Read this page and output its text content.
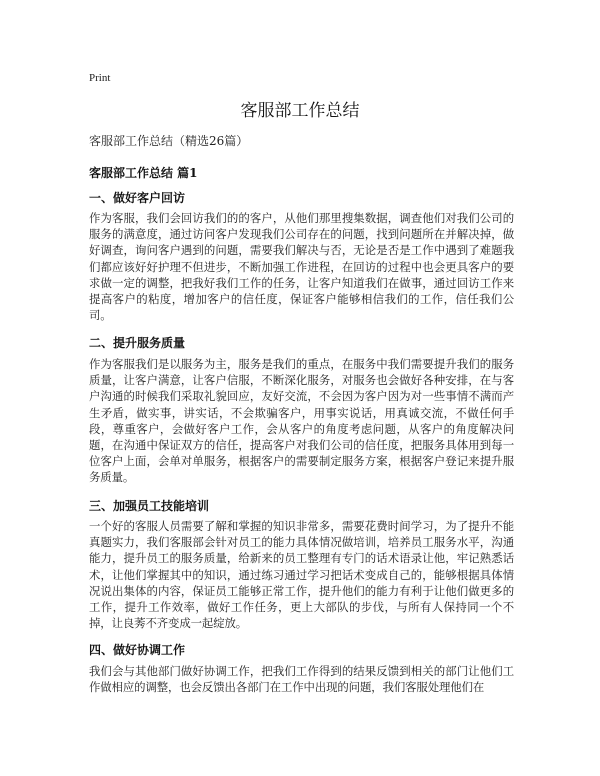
Print
客服部工作总结

客服部工作总结（精选26篇）

客服部工作总结 篇1

一、做好客户回访

作为客服，我们会回访我们的的客户，从他们那里搜集数据，调查他们对我们公司的服务的满意度，通过访问客户发现我们公司存在的问题，找到问题所在并解决掉，做好调查，询问客户遇到的问题，需要我们解决与否，无论是否是工作中遇到了难题我们都应该好好护理不但进步，不断加强工作进程，在回访的过程中也会更具客户的要求做一定的调整，把我好我们工作的任务，让客户知道我们在做事，通过回访工作来提高客户的粘度，增加客户的信任度，保证客户能够相信我们的工作，信任我们公司。

二、提升服务质量

作为客服我们是以服务为主，服务是我们的重点，在服务中我们需要提升我们的服务质量，让客户满意，让客户信服，不断深化服务，对服务也会做好各种安排，在与客户沟通的时候我们采取礼貌回应，友好交流，不会因为客户因为对一些事情不满而产生矛盾，做实事，讲实话，不会欺骗客户，用事实说话，用真诚交流，不做任何手段，尊重客户，会做好客户工作，会从客户的角度考虑问题，从客户的角度解决问题，在沟通中保证双方的信任，提高客户对我们公司的信任度，把服务具体用到每一位客户上面，会单对单服务，根据客户的需要制定服务方案，根据客户登记来提升服务质量。

三、加强员工技能培训

一个好的客服人员需要了解和掌握的知识非常多，需要花费时间学习，为了提升不能真题实力，我们客服部会针对员工的能力具体情况做培训，培养员工服务水平，沟通能力，提升员工的服务质量，给新来的员工整理有专门的话术语录让他，牢记熟悉话术，让他们掌握其中的知识，通过练习通过学习把话术变成自己的，能够根据具体情况说出集体的内容，保证员工能够正常工作，提升他们的能力有利于让他们做更多的工作，提升工作效率，做好工作任务，更上大部队的步伐，与所有人保持同一个不掉，让良莠不齐变成一起绽放。

四、做好协调工作

我们会与其他部门做好协调工作，把我们工作得到的结果反馈到相关的部门让他们工作做相应的调整，也会反馈出各部门在工作中出现的问题，我们客服处理他们在
